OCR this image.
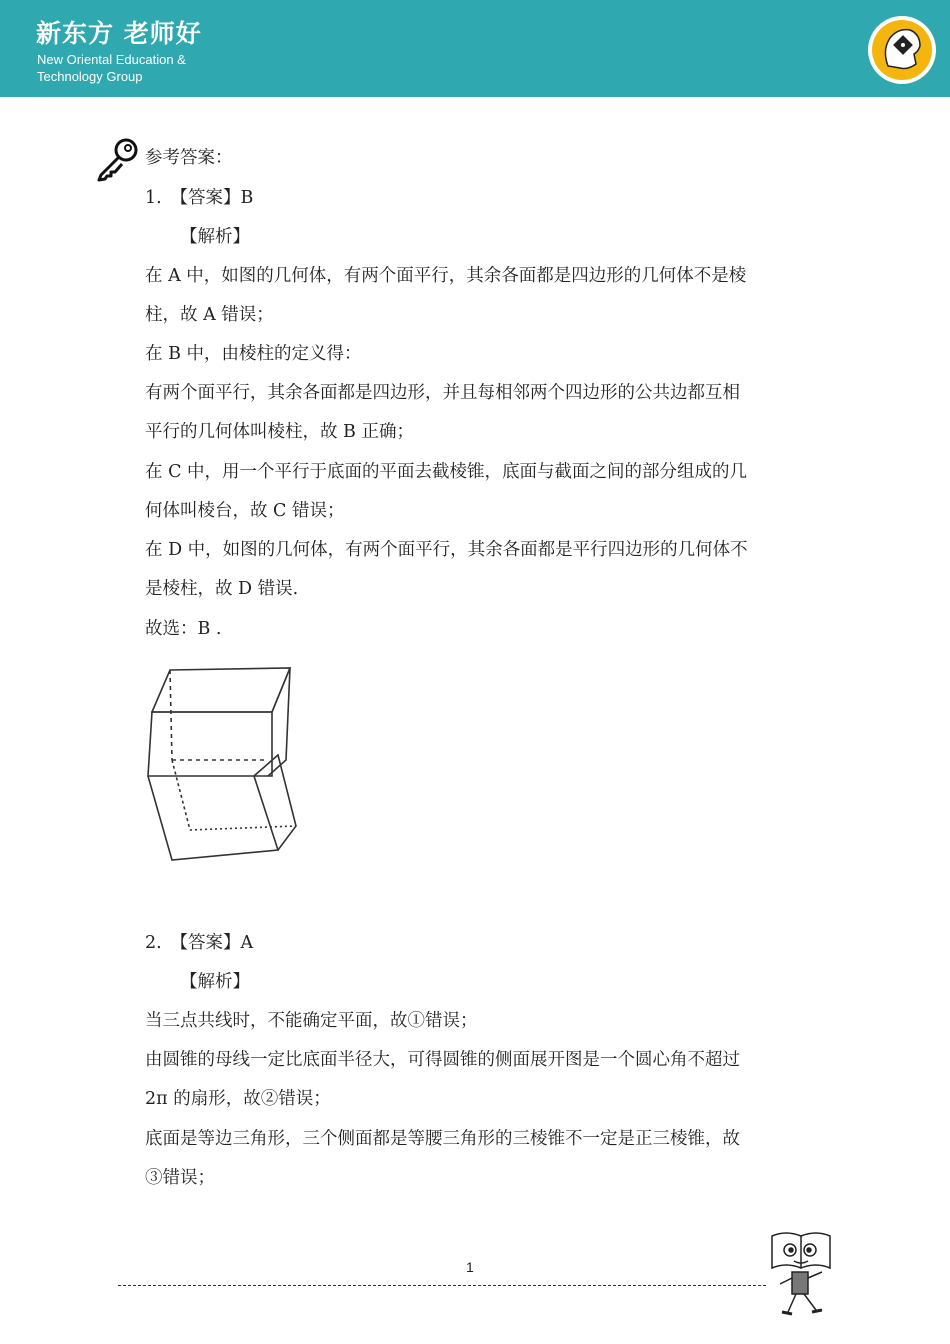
新东方 老师好
New Oriental Education &
Technology Group
参考答案：
1.　【答案】B
【解析】
在 A 中，如图的几何体，有两个面平行，其余各面都是四边形的几何体不是棱
柱，故 A 错误；
在 B 中，由棱柱的定义得：
有两个面平行，其余各面都是四边形，并且每相邻两个四边形的公共边都互相
平行的几何体叫棱柱，故 B 正确；
在 C 中，用一个平行于底面的平面去截棱锥，底面与截面之间的部分组成的几
何体叫棱台，故 C 错误；
在 D 中，如图的几何体，有两个面平行，其余各面都是平行四边形的几何体不
是棱柱，故 D 错误.
故选：B .
2.　【答案】A
【解析】
当三点共线时，不能确定平面，故①错误；
由圆锥的母线一定比底面半径大，可得圆锥的侧面展开图是一个圆心角不超过
2π 的扇形，故②错误；
底面是等边三角形，三个侧面都是等腰三角形的三棱锥不一定是正三棱锥，故
③错误；
1
